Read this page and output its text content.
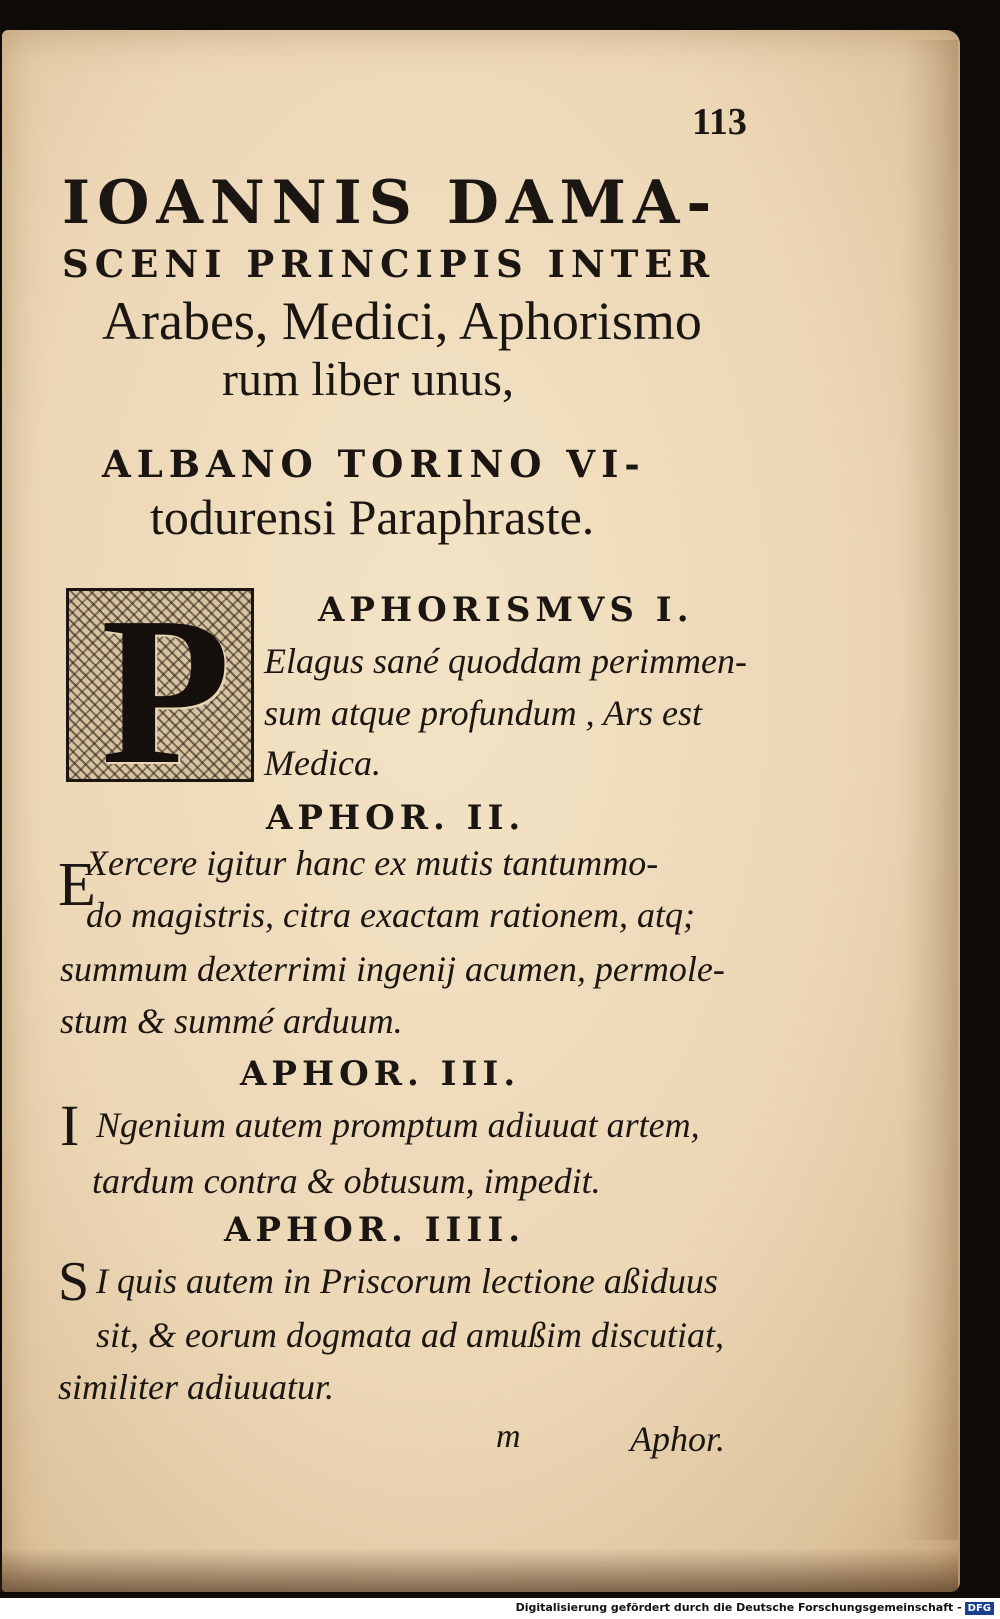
113
IOANNIS DAMA-
SCENI PRINCIPIS INTER
Arabes, Medici, Aphorismo
rum liber unus,
ALBANO TORINO VI-
todurensi Paraphraste.
P	APHORISMVS I.
Elagus sané quoddam perimmen-
sum atque profundum , Ars est
Medica.
APHOR. II.
E
Xercere igitur hanc ex mutis tantummo-
do magistris, citra exactam rationem, atq;
summum dexterrimi ingenij acumen, permole-
stum & summé arduum.
APHOR. III.
I Ngenium autem promptum adiuuat artem,
tardum contra & obtusum, impedit.
APHOR. IIII.
S I quis autem in Priscorum lectione aßiduus
sit, & eorum dogmata ad amußim discutiat,
similiter adiuuatur.
m	Aphor.
Digitalisierung gefördert durch die Deutsche Forschungsgemeinschaft - DFG
